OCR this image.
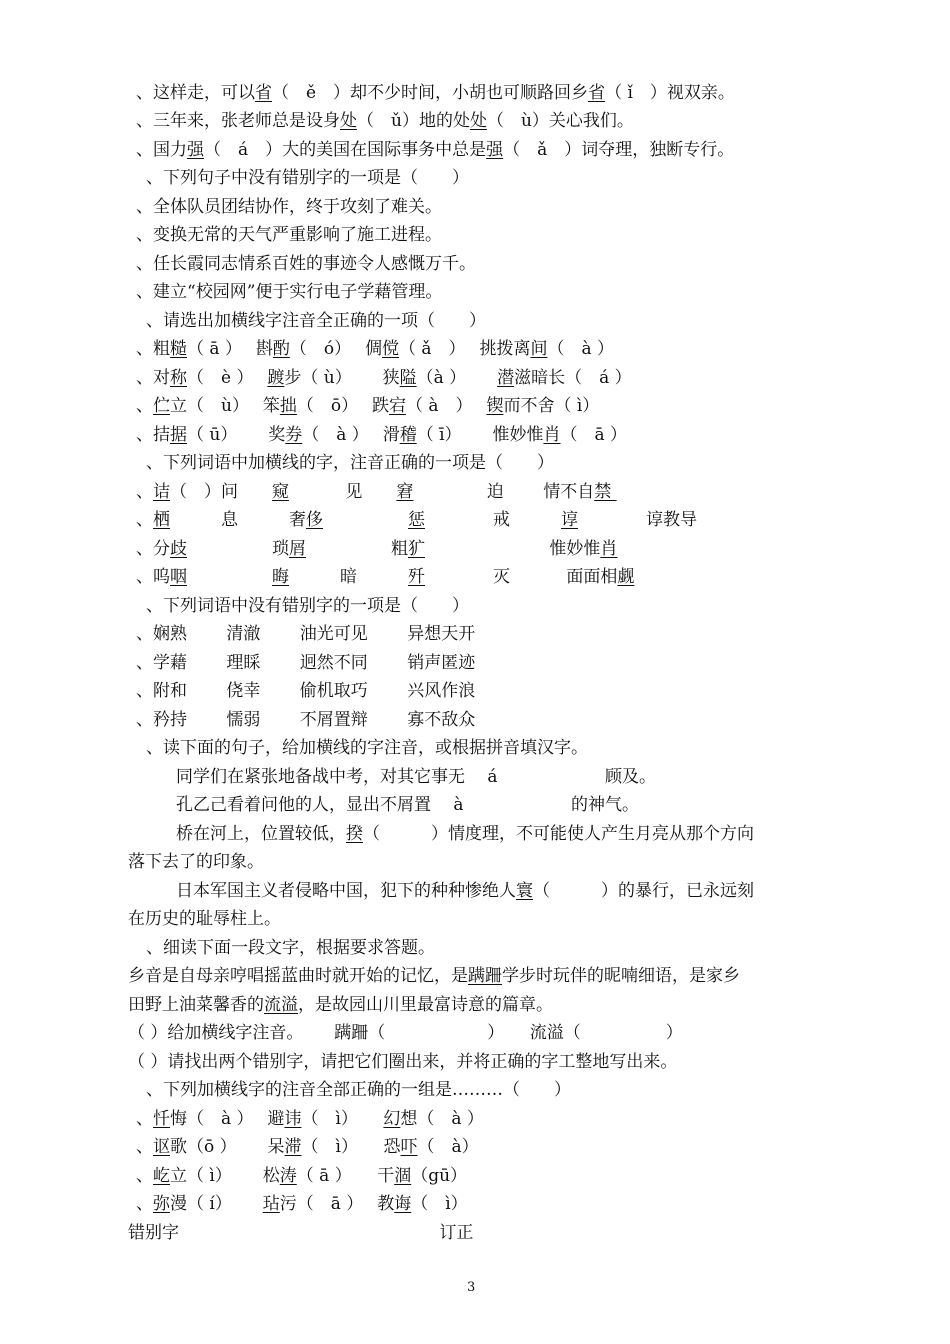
、这样走，可以省（　ě　）却不少时间，小胡也可顺路回乡省（ ǐ　）视双亲。
、三年来，张老师总是设身处（　ǔ）地的处处（　ù）关心我们。
、国力强（　á　）大的美国在国际事务中总是强（　ǎ　）词夺理，独断专行。
、下列句子中没有错别字的一项是（　　）
、全体队员团结协作，终于攻刻了难关。
、变换无常的天气严重影响了施工进程。
、任长霞同志情系百姓的事迹令人感慨万千。
、建立“校园网”便于实行电子学藉管理。
、请选出加横线字注音全正确的一项（　　）
、粗糙（ ā ）　 斟酌（　ó）　 倜傥（ ǎ　）　 挑拨离间（　à ）
、对称（　è ）　 踱步（ ù）　　 狭隘（à ）　　 潜滋暗长（　á ）
、伫立（　ù）　 笨拙（　ō）　 跌宕（ à　）　 锲而不舍（ ì）
、拮据（ ū）　　 奖券（　à ）　 滑稽（ ī）　　 惟妙惟肖（　ā ）
、下列词语中加横线的字，注音正确的一项是（　　）
、诘（　）问　　窥　　　 见　　窘　　　　 迫　　 情不自禁
、栖　　　息　　　奢侈　　　　　	惩　　　　戒　　　谆　　　　谆教导
、分歧　　　　　琐屑　　　　　粗犷　　　　　　　 惟妙惟肖
、呜咽　　　　　	晦　　　暗　　　歼　　　　灭　　　 面面相觑
、下列词语中没有错别字的一项是（　　）
、娴熟　　 清澈　　 油光可见　　 异想天开
、学藉　　 理睬　　 迥然不同　　 销声匿迹
、附和　　 侥幸　　 偷机取巧　　 兴风作浪
、矜持　　 懦弱　　 不屑置辩　　 寡不敌众
、读下面的句子，给加横线的字注音，或根据拼音填汉字。
同学们在紧张地备战中考，对其它事无　 á　　　　　　 顾及。
孔乙己看着问他的人，显出不屑置　 à　　　　　　 的神气。
桥在河上，位置较低，揆（　　　）情度理，不可能使人产生月亮从那个方向
落下去了的印象。
日本军国主义者侵略中国，犯下的种种惨绝人寰（　　　）的暴行，已永远刻
在历史的耻辱柱上。
、细读下面一段文字，根据要求答题。
乡音是自母亲哼唱摇蓝曲时就开始的记忆，是蹒跚学步时玩伴的昵喃细语，是家乡
田野上油菜馨香的流溢，是故园山川里最富诗意的篇章。
（ ）给加横线字注音。　　 蹒跚（　　　　　　）　　流溢（　　　　　）
（ ）请找出两个错别字，请把它们圈出来，并将正确的字工整地写出来。
、下列加横线字的注音全部正确的一组是………（　　）
、忏悔（　à ）　 避讳（　ì）　　幻想（　à ）
、讴歌（ō ）　　 呆滞（　ì）　　恐吓（　à）
、屹立（ ì）　　 松涛（ ā ）　　干涸（gū）
、弥漫（ í）　　 玷污（　ā ）　 教诲（　ì）
错别字　　　　　　　　　　　　　　　 订正
3
